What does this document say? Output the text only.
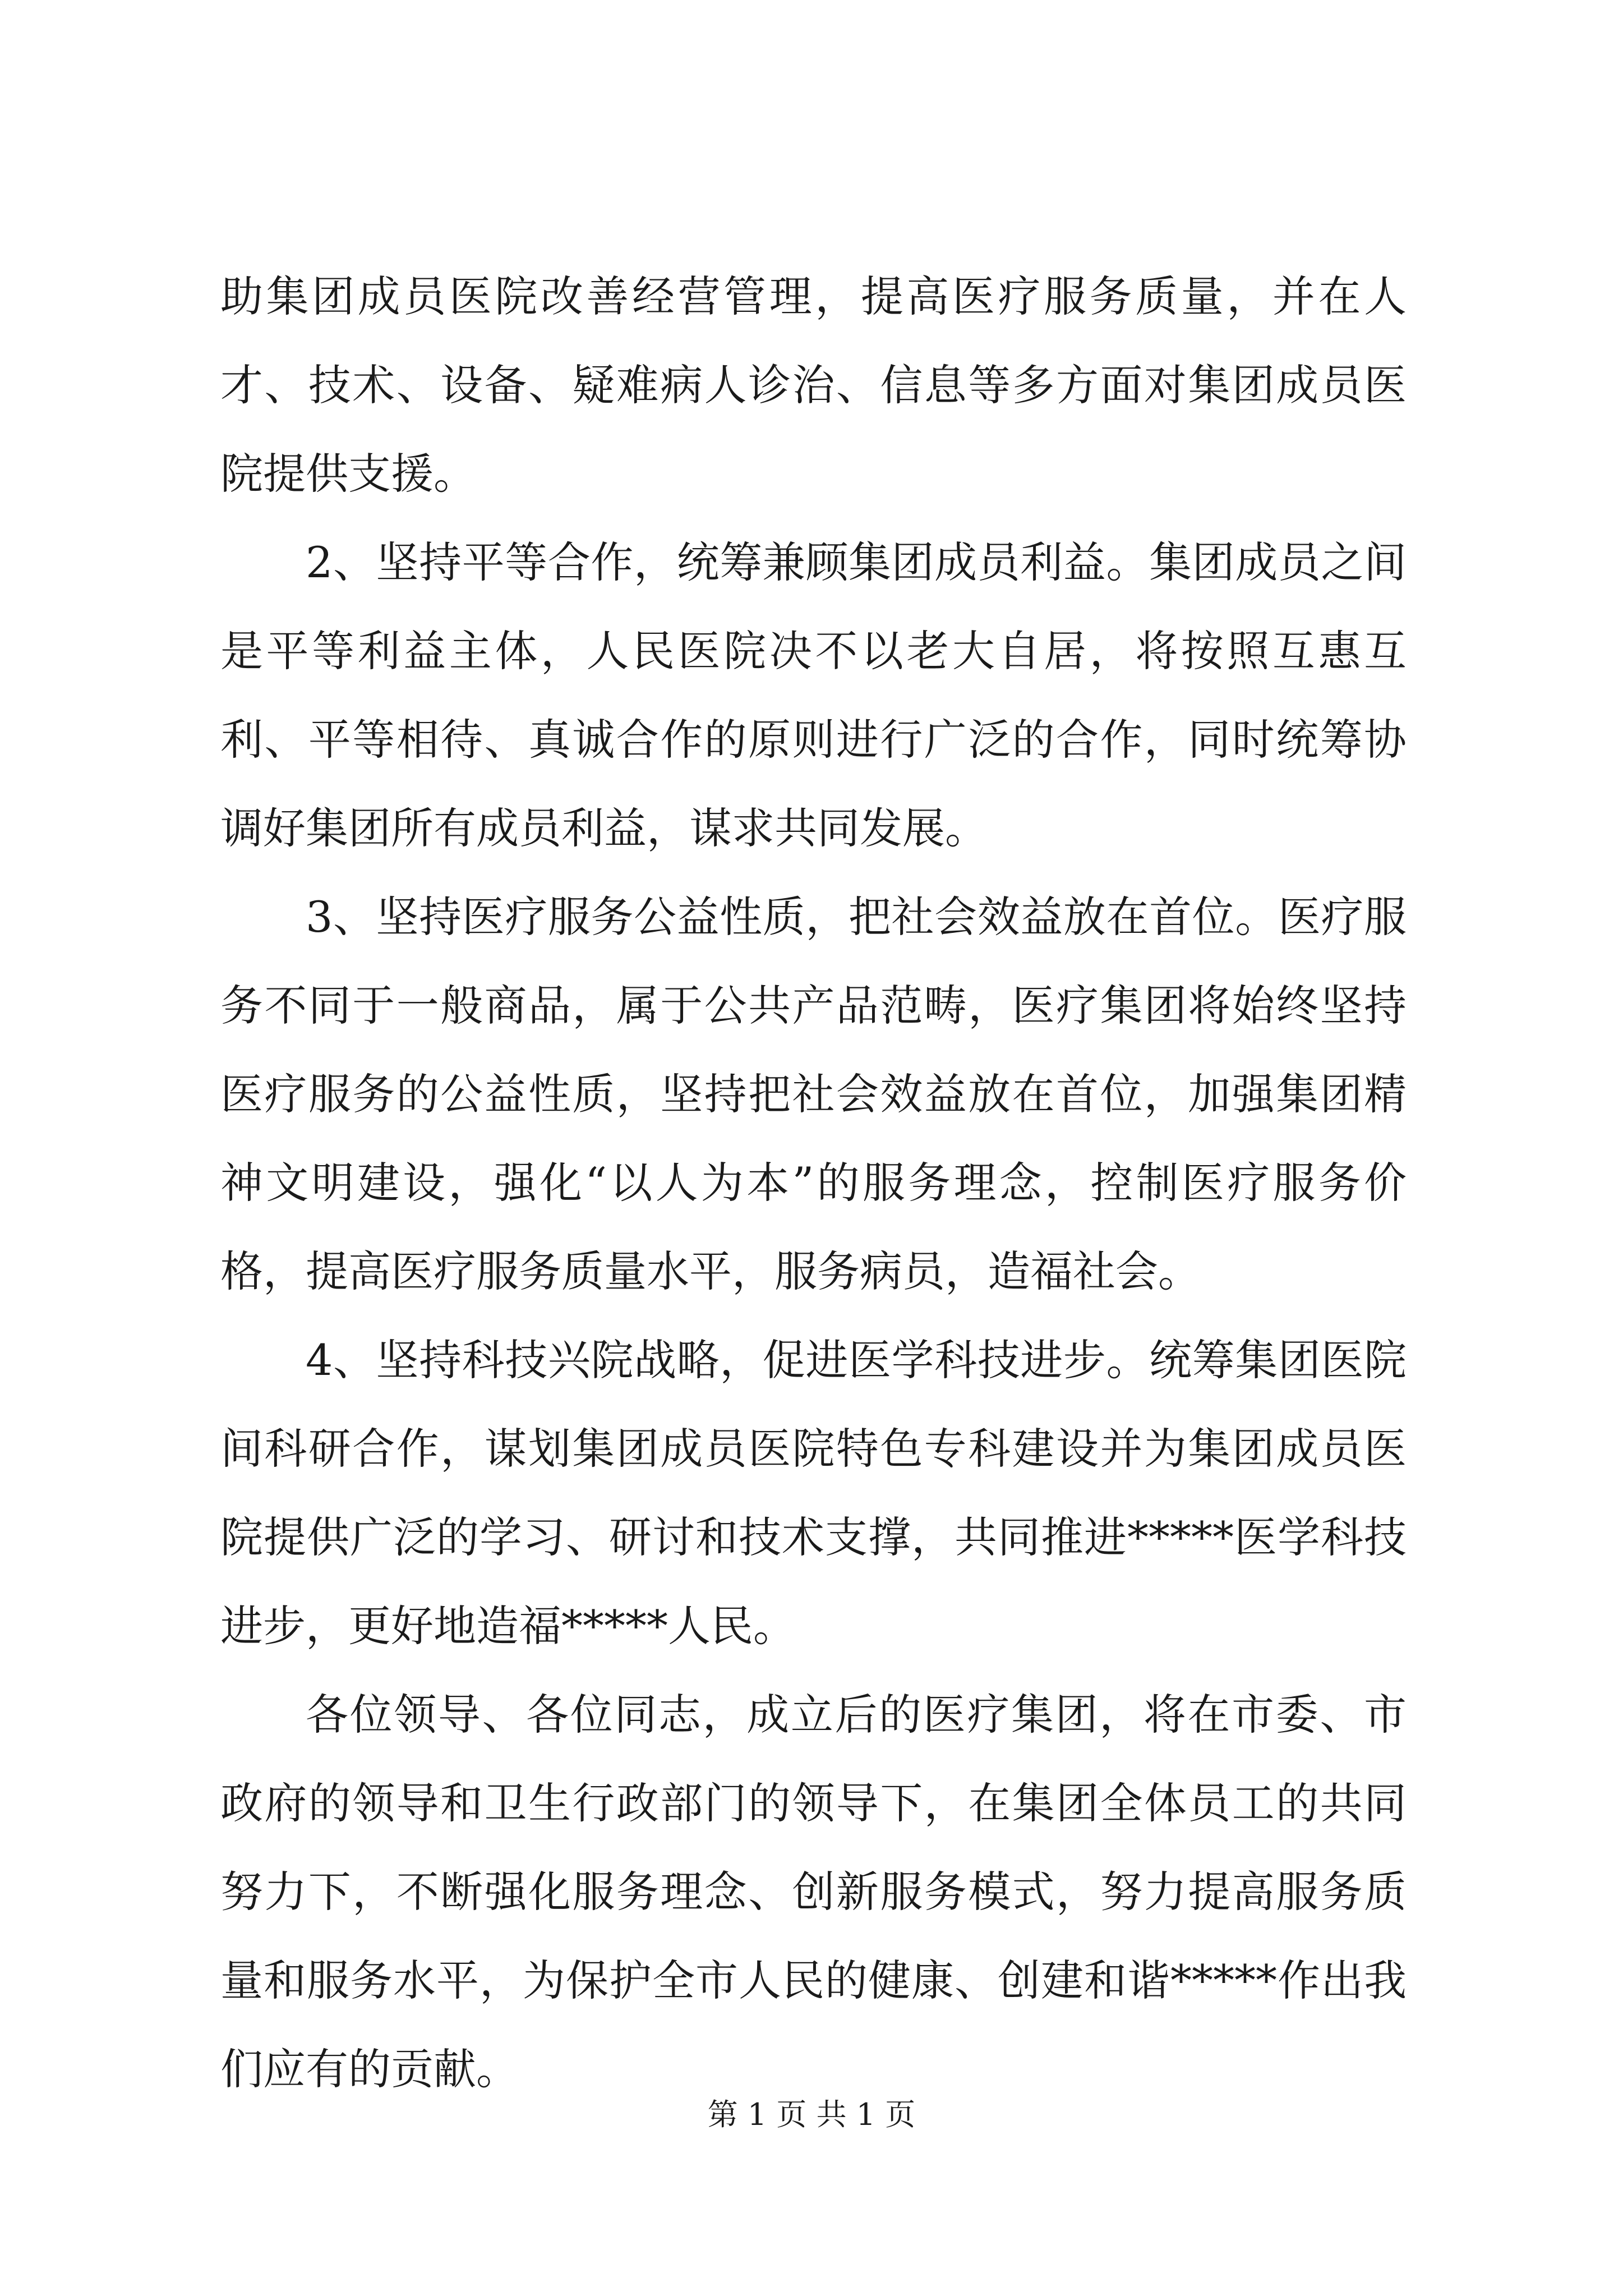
助集团成员医院改善经营管理，提高医疗服务质量，并在人才、技术、设备、疑难病人诊治、信息等多方面对集团成员医院提供支援。

2、坚持平等合作，统筹兼顾集团成员利益。集团成员之间是平等利益主体，人民医院决不以老大自居，将按照互惠互利、平等相待、真诚合作的原则进行广泛的合作，同时统筹协调好集团所有成员利益，谋求共同发展。

3、坚持医疗服务公益性质，把社会效益放在首位。医疗服务不同于一般商品，属于公共产品范畴，医疗集团将始终坚持医疗服务的公益性质，坚持把社会效益放在首位，加强集团精神文明建设，强化“以人为本”的服务理念，控制医疗服务价格，提高医疗服务质量水平，服务病员，造福社会。

4、坚持科技兴院战略，促进医学科技进步。统筹集团医院间科研合作，谋划集团成员医院特色专科建设并为集团成员医院提供广泛的学习、研讨和技术支撑，共同推进*****医学科技进步，更好地造福*****人民。

各位领导、各位同志，成立后的医疗集团，将在市委、市政府的领导和卫生行政部门的领导下，在集团全体员工的共同努力下，不断强化服务理念、创新服务模式，努力提高服务质量和服务水平，为保护全市人民的健康、创建和谐*****作出我们应有的贡献。

第 1 页 共 1 页
